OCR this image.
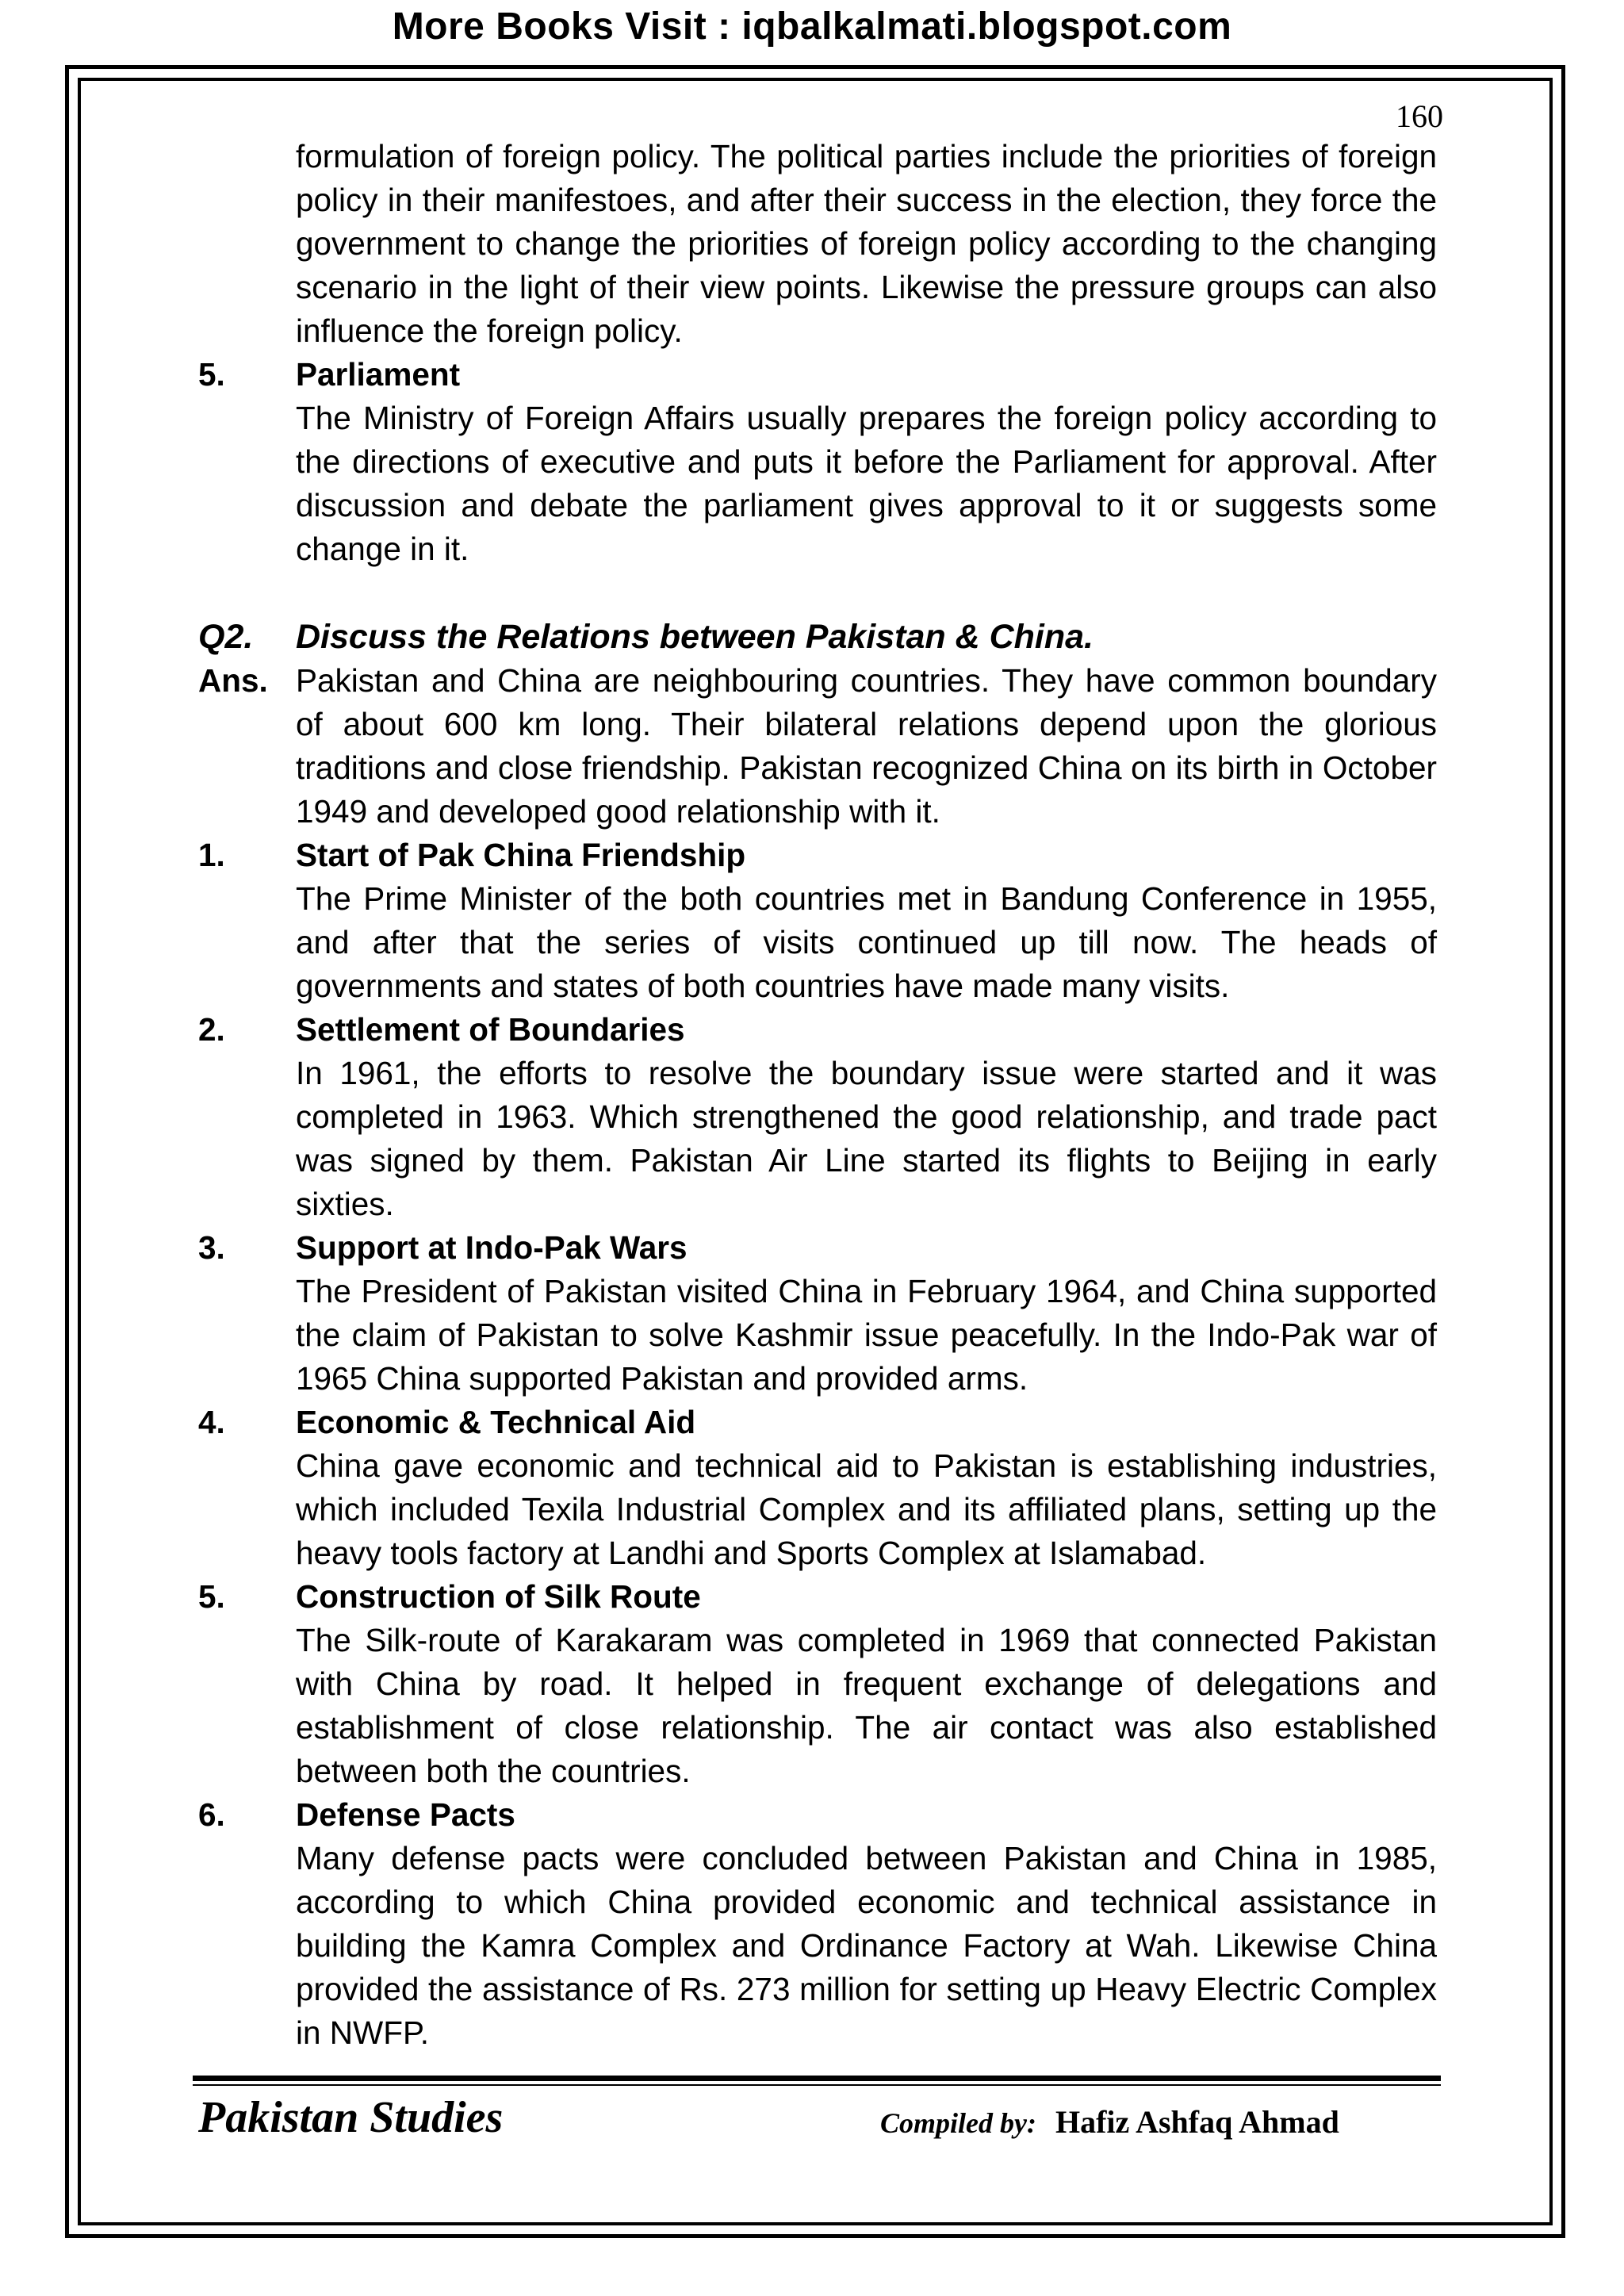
More Books Visit : iqbalkalmati.blogspot.com
160
formulation of foreign policy. The political parties include the priorities of foreign policy in their manifestoes, and after their success in the election, they force the government to change the priorities of foreign policy according to the changing scenario in the light of their view points. Likewise the pressure groups can also influence the foreign policy.
5.	Parliament
The Ministry of Foreign Affairs usually prepares the foreign policy according to the directions of executive and puts it before the Parliament for approval. After discussion and debate the parliament gives approval to it or suggests some change in it.
Q2.	Discuss the Relations between Pakistan & China.
Ans. Pakistan and China are neighbouring countries. They have common boundary of about 600 km long. Their bilateral relations depend upon the glorious traditions and close friendship. Pakistan recognized China on its birth in October 1949 and developed good relationship with it.
1.	Start of Pak China Friendship
The Prime Minister of the both countries met in Bandung Conference in 1955, and after that the series of visits continued up till now. The heads of governments and states of both countries have made many visits.
2.	Settlement of Boundaries
In 1961, the efforts to resolve the boundary issue were started and it was completed in 1963. Which strengthened the good relationship, and trade pact was signed by them. Pakistan Air Line started its flights to Beijing in early sixties.
3.	Support at Indo-Pak Wars
The President of Pakistan visited China in February 1964, and China supported the claim of Pakistan to solve Kashmir issue peacefully. In the Indo-Pak war of 1965 China supported Pakistan and provided arms.
4.	Economic & Technical Aid
China gave economic and technical aid to Pakistan is establishing industries, which included Texila Industrial Complex and its affiliated plans, setting up the heavy tools factory at Landhi and Sports Complex at Islamabad.
5.	Construction of Silk Route
The Silk-route of Karakaram was completed in 1969 that connected Pakistan with China by road. It helped in frequent exchange of delegations and establishment of close relationship. The air contact was also established between both the countries.
6.	Defense Pacts
Many defense pacts were concluded between Pakistan and China in 1985, according to which China provided economic and technical assistance in building the Kamra Complex and Ordinance Factory at Wah. Likewise China provided the assistance of Rs. 273 million for setting up Heavy Electric Complex in NWFP.
Pakistan Studies	Compiled by: Hafiz Ashfaq Ahmad
